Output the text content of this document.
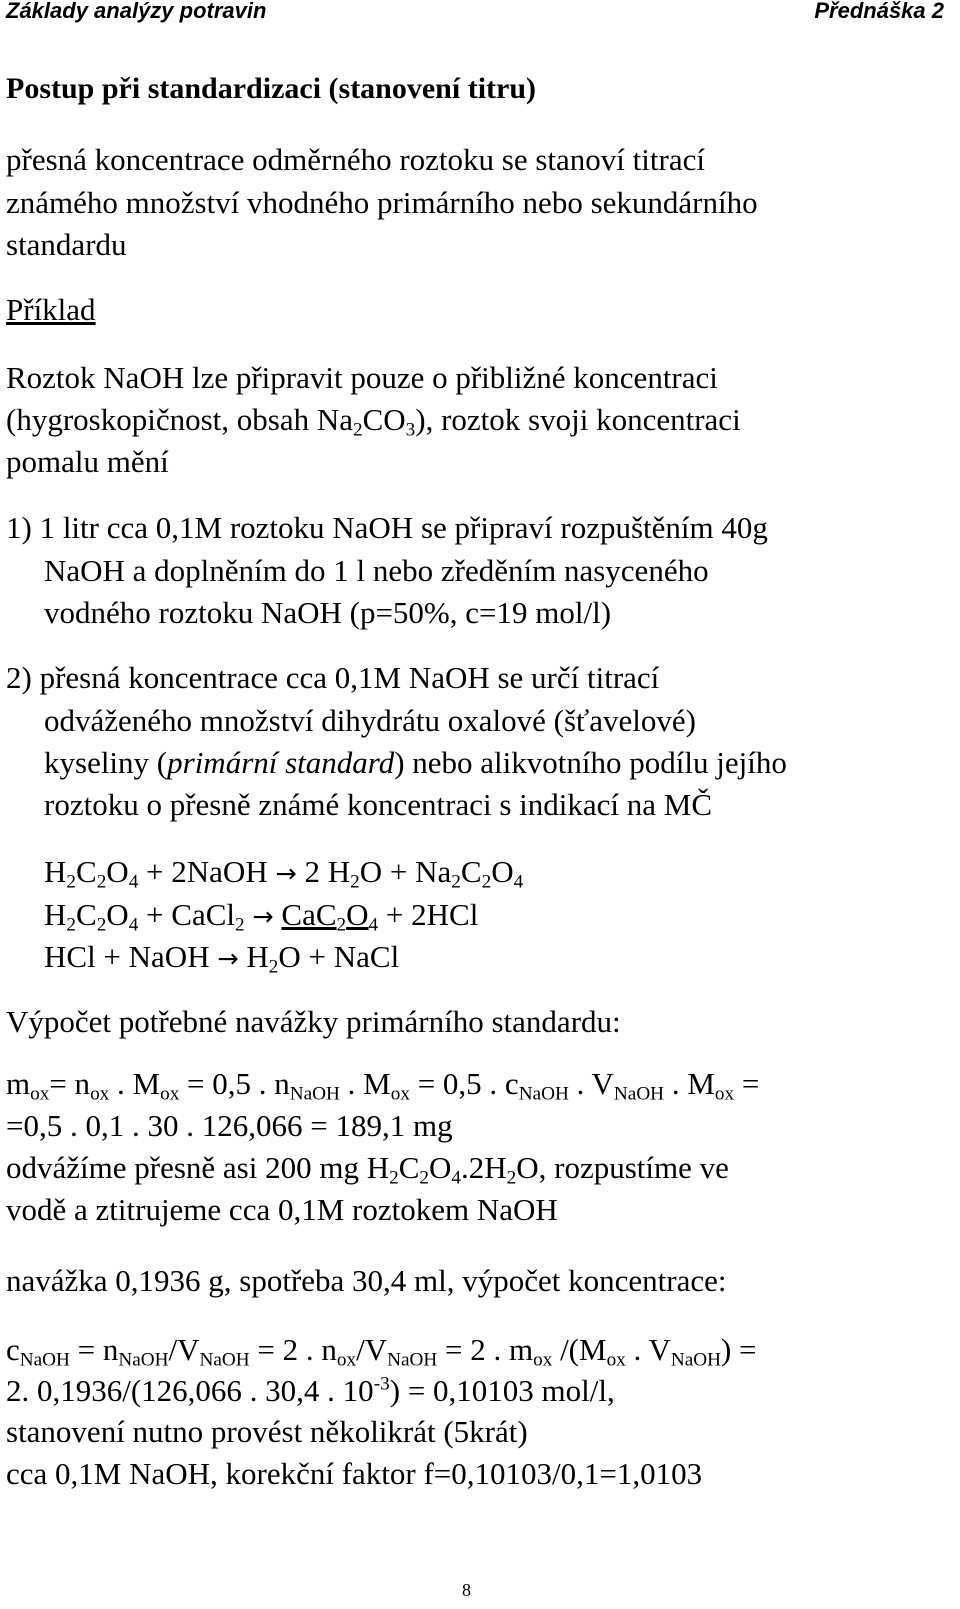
Základy analýzy potravin	Přednáška 2
Postup při standardizaci (stanovení titru)
přesná koncentrace odměrného roztoku se stanoví titrací
známého množství vhodného primárního nebo sekundárního
standardu
Příklad
Roztok NaOH lze připravit pouze o přibližné koncentraci
(hygroskopičnost, obsah $Na_2CO_3$), roztok svoji koncentraci
pomalu mění
1) 1 litr cca 0,1M roztoku NaOH se připraví rozpuštěním 40g
NaOH a doplněním do 1 l nebo zředěním nasyceného
vodného roztoku NaOH (p=50%, c=19 mol/l)
2) přesná koncentrace cca 0,1M NaOH se určí titrací
odváženého množství dihydrátu oxalové (šťavelové)
kyseliny (primární standard) nebo alikvotního podílu jejího
roztoku o přesně známé koncentraci s indikací na MČ
$H_2C_2O_4$ + 2NaOH → 2 $H_2O + Na_2C_2O_4$
$H_2C_2O_4$ + CaCl$_2$ → $CaC_2O_4 + 2HCl$
HCl + NaOH → $H_2O$ + NaCl
Výpočet potřebné navážky primárního standardu:
$m_{ox}= n_{ox}$ . $M_{ox} = 0,5$ . $n_{NaOH}$ . $M_{ox} = 0,5$ . $c_{NaOH}$ . $V_{NaOH}$ . $M_{ox}$ =
=0,5 . 0,1 . 30 . 126,066 = 189,1 mg
odvážíme přesně asi 200 mg $H_2C_2O_4.2H_2O$, rozpustíme ve
vodě a ztitrujeme cca 0,1M roztokem NaOH
navážka 0,1936 g, spotřeba 30,4 ml, výpočet koncentrace:
$c_{NaOH} = n_{NaOH}/V_{NaOH} = 2$ . $n_{ox}/V_{NaOH} = 2$ . $m_{ox}$ $/(M_{ox}$ . $V_{NaOH}$) =
2. 0,1936/(126,066 . 30,4 . $10^{-3}) = 0,10103$ mol/l,
stanovení nutno provést několikrát (5krát)
cca 0,1M NaOH, korekční faktor f=0,10103/0,1=1,0103
8
